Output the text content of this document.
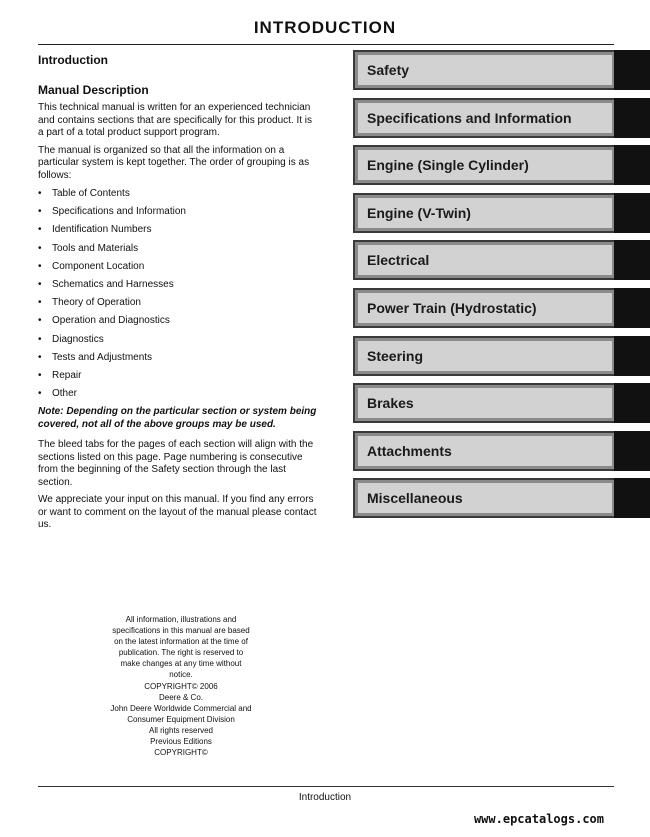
INTRODUCTION
Introduction
Manual Description

This technical manual is written for an experienced technician and contains sections that are specifically for this product. It is a part of a total product support program.

The manual is organized so that all the information on a particular system is kept together. The order of grouping is as follows:

• Table of Contents
• Specifications and Information
• Identification Numbers
• Tools and Materials
• Component Location
• Schematics and Harnesses
• Theory of Operation
• Operation and Diagnostics
• Diagnostics
• Tests and Adjustments
• Repair
• Other

Note: Depending on the particular section or system being covered, not all of the above groups may be used.

The bleed tabs for the pages of each section will align with the sections listed on this page. Page numbering is consecutive from the beginning of the Safety section through the last section.

We appreciate your input on this manual. If you find any errors or want to comment on the layout of the manual please contact us.

All information, illustrations and
specifications in this manual are based
on the latest information at the time of
publication. The right is reserved to
make changes at any time without
notice.
COPYRIGHT© 2006
Deere & Co.
John Deere Worldwide Commercial and
Consumer Equipment Division
All rights reserved
Previous Editions
COPYRIGHT©
Safety
Specifications and Information
Engine (Single Cylinder)
Engine (V-Twin)
Electrical
Power Train (Hydrostatic)
Steering
Brakes
Attachments
Miscellaneous
Introduction
www.epcatalogs.com
